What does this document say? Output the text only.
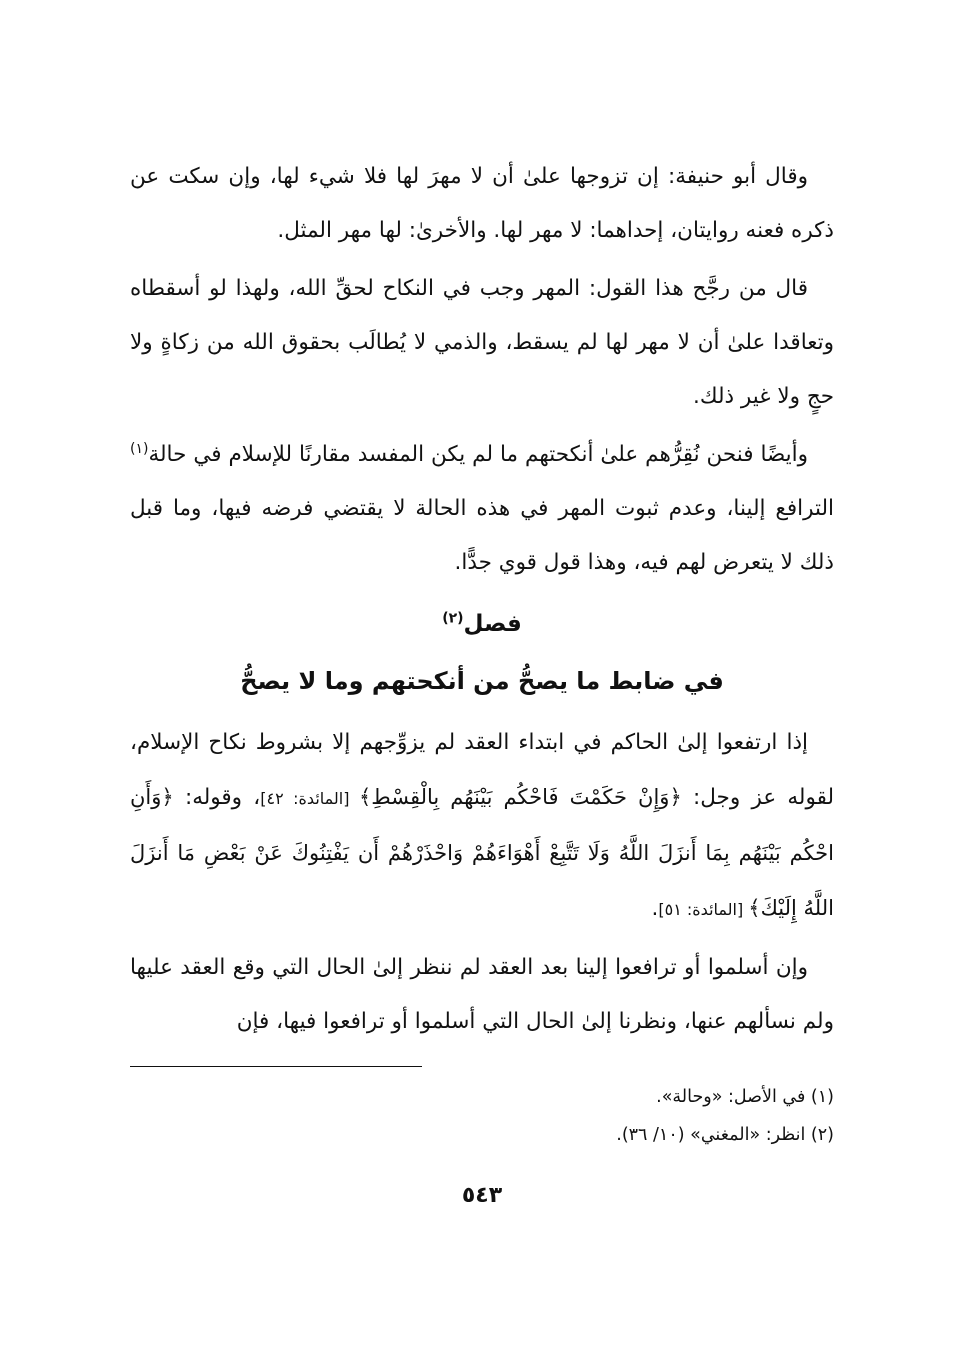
وقال أبو حنيفة: إن تزوجها علىٰ أن لا مهرَ لها فلا شيء لها، وإن سكت عن ذكره فعنه روايتان، إحداهما: لا مهر لها. والأخرىٰ: لها مهر المثل.

قال من رجَّح هذا القول: المهر وجب في النكاح لحقِّ الله، ولهذا لو أسقطاه وتعاقدا علىٰ أن لا مهر لها لم يسقط، والذمي لا يُطالَب بحقوق الله من زكاةٍ ولا حجٍ ولا غير ذلك.

وأيضًا فنحن نُقِرُّهم علىٰ أنكحتهم ما لم يكن المفسد مقارنًا للإسلام في حالة$^{(١)}$ الترافع إلينا، وعدم ثبوت المهر في هذه الحالة لا يقتضي فرضه فيها، وما قبل ذلك لا يتعرض لهم فيه، وهذا قول قوي جدًّا.

فصل$^{(٢)}$
في ضابط ما يصحُّ من أنكحتهم وما لا يصحُّ

إذا ارتفعوا إلىٰ الحاكم في ابتداء العقد لم يزوِّجهم إلا بشروط نكاح الإسلام، لقوله عز وجل: ﴿وَإِنْ حَكَمْتَ فَاحْكُم بَيْنَهُم بِالْقِسْطِ﴾ [المائدة: ٤٢]، وقوله: ﴿وَأَنِ احْكُم بَيْنَهُم بِمَا أَنزَلَ اللَّهُ وَلَا تَتَّبِعْ أَهْوَاءَهُمْ وَاحْذَرْهُمْ أَن يَفْتِنُوكَ عَنْ بَعْضِ مَا أَنزَلَ اللَّهُ إِلَيْكَ﴾ [المائدة: ٥١].

وإن أسلموا أو ترافعوا إلينا بعد العقد لم ننظر إلىٰ الحال التي وقع العقد عليها ولم نسألهم عنها، ونظرنا إلىٰ الحال التي أسلموا أو ترافعوا فيها، فإن

(١) في الأصل: «وحالة».
(٢) انظر: «المغني» (١٠/ ٣٦).
٥٤٣
